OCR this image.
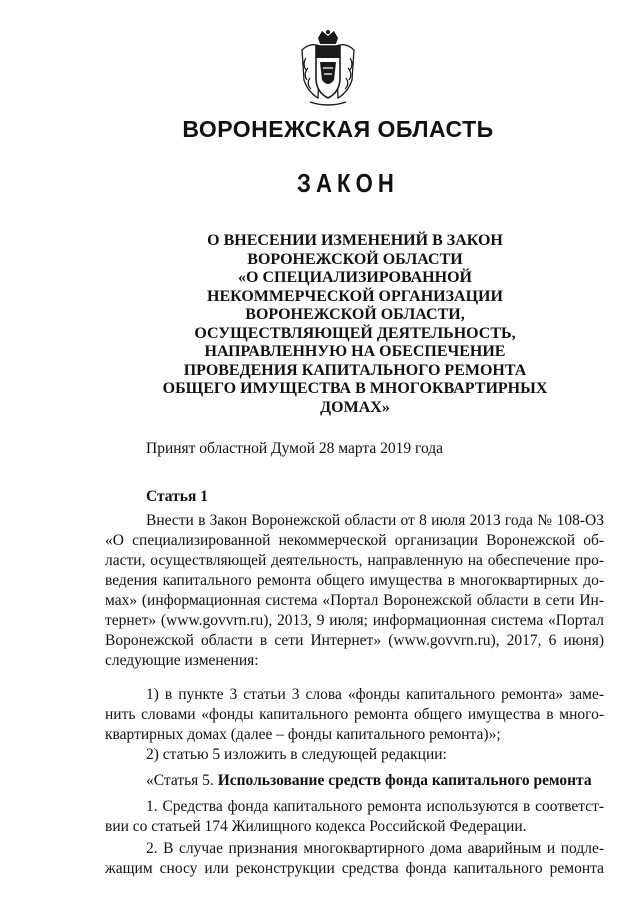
ВОРОНЕЖСКАЯ ОБЛАСТЬ
ЗАКОН
О ВНЕСЕНИИ ИЗМЕНЕНИЙ В ЗАКОН
ВОРОНЕЖСКОЙ ОБЛАСТИ
«О СПЕЦИАЛИЗИРОВАННОЙ
НЕКОММЕРЧЕСКОЙ ОРГАНИЗАЦИИ
ВОРОНЕЖСКОЙ ОБЛАСТИ,
ОСУЩЕСТВЛЯЮЩЕЙ ДЕЯТЕЛЬНОСТЬ,
НАПРАВЛЕННУЮ НА ОБЕСПЕЧЕНИЕ
ПРОВЕДЕНИЯ КАПИТАЛЬНОГО РЕМОНТА
ОБЩЕГО ИМУЩЕСТВА В МНОГОКВАРТИРНЫХ
ДОМАХ»
Принят областной Думой 28 марта 2019 года
Статья 1
Внести в Закон Воронежской области от 8 июля 2013 года № 108-ОЗ
«О специализированной некоммерческой организации Воронежской об-
ласти, осуществляющей деятельность, направленную на обеспечение про-
ведения капитального ремонта общего имущества в многоквартирных до-
мах» (информационная система «Портал Воронежской области в сети Ин-
тернет» (www.govvrn.ru), 2013, 9 июля; информационная система «Портал
Воронежской области в сети Интернет» (www.govvrn.ru), 2017, 6 июня)
следующие изменения:
1) в пункте 3 статьи 3 слова «фонды капитального ремонта» заме-
нить словами «фонды капитального ремонта общего имущества в много-
квартирных домах (далее – фонды капитального ремонта)»;
2) статью 5 изложить в следующей редакции:
«Статья 5. Использование средств фонда капитального ремонта
1. Средства фонда капитального ремонта используются в соответст-
вии со статьей 174 Жилищного кодекса Российской Федерации.
2. В случае признания многоквартирного дома аварийным и подле-
жащим сносу или реконструкции средства фонда капитального ремонта
